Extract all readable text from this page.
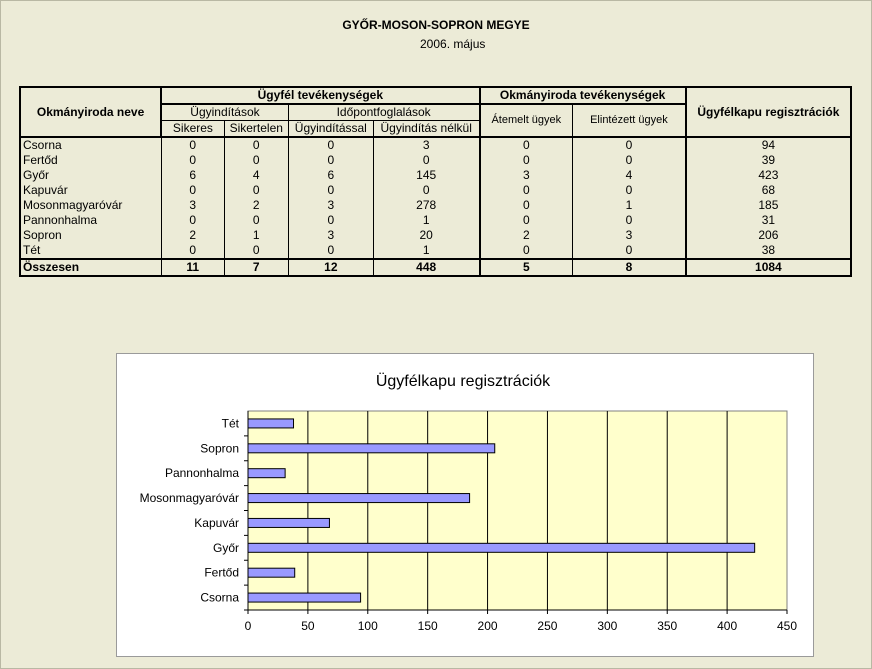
GYŐR-MOSON-SOPRON MEGYE
2006. május
Okmányiroda neve	Ügyfél tevékenységek				Okmányiroda tevékenységek		Ügyfélkapu regisztrációk
	Ügyindítások		Időpontfoglalások		Átemelt ügyek	Elintézett ügyek	
	Sikeres	Sikertelen	Ügyindítással	Ügyindítás nélkül			
Csorna	0	0	0	3	0	0	94
Fertőd	0	0	0	0	0	0	39
Győr	6	4	6	145	3	4	423
Kapuvár	0	0	0	0	0	0	68
Mosonmagyaróvár	3	2	3	278	0	1	185
Pannonhalma	0	0	0	1	0	0	31
Sopron	2	1	3	20	2	3	206
Tét	0	0	0	1	0	0	38
Összesen	11	7	12	448	5	8	1084
Ügyfélkapu regisztrációk
0	50	100	150	200	250	300	350	400	450
Csorna
Fertőd
Győr
Kapuvár
Mosonmagyaróvár
Pannonhalma
Sopron
Tét
